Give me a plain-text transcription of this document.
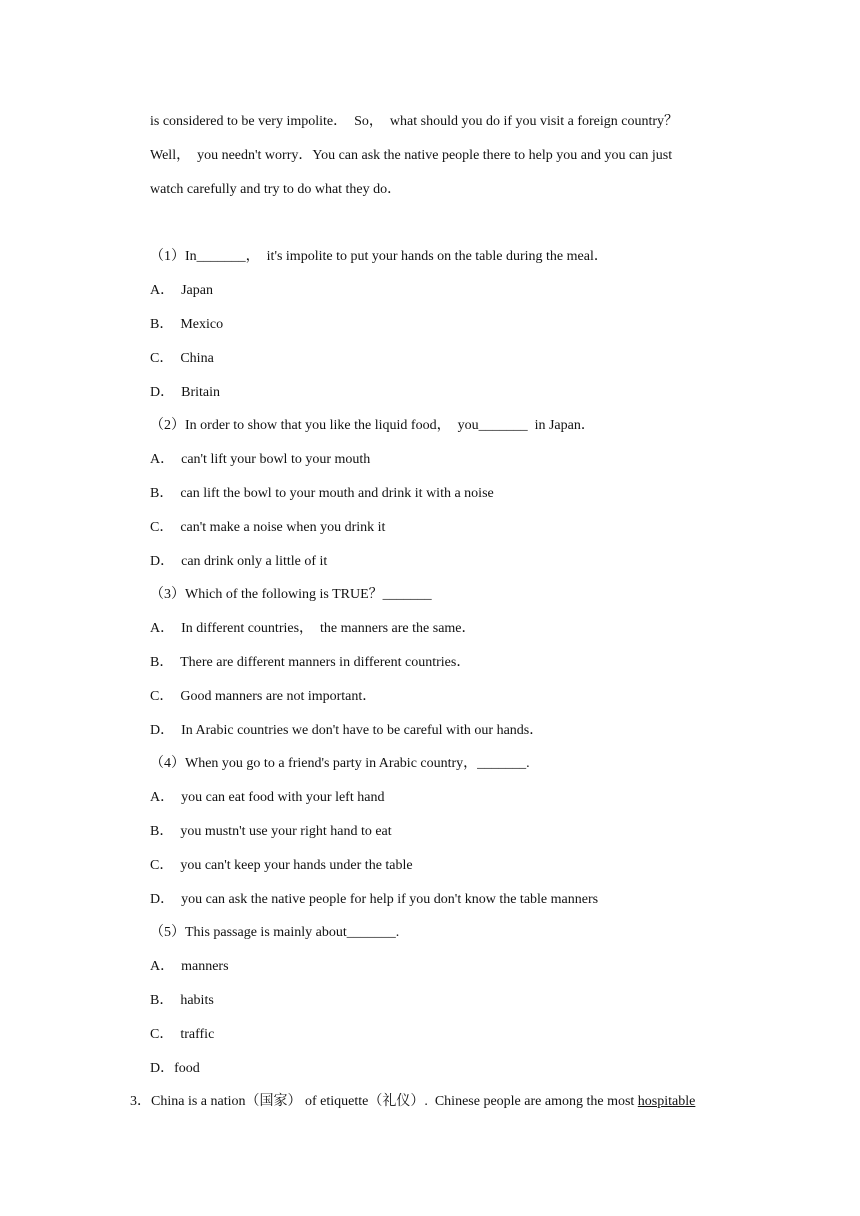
is considered to be very impolite．  So，  what should you do if you visit a foreign country？
Well，  you needn't worry．You can ask the native people there to help you and you can just
watch carefully and try to do what they do．
（1）In_______，  it's impolite to put your hands on the table during the meal．
A．  Japan
B．  Mexico
C．  China
D．  Britain
（2）In order to show that you like the liquid food，  you_______  in Japan．
A．  can't lift your bowl to your mouth
B．  can lift the bowl to your mouth and drink it with a noise
C．  can't make a noise when you drink it
D．  can drink only a little of it
（3）Which of the following is TRUE？_______
A．  In different countries，  the manners are the same．
B．  There are different manners in different countries．
C．  Good manners are not important．
D．  In Arabic countries we don't have to be careful with our hands．
（4）When you go to a friend's party in Arabic country，_______.
A．  you can eat food with your left hand
B．  you mustn't use your right hand to eat
C．  you can't keep your hands under the table
D．  you can ask the native people for help if you don't know the table manners
（5）This passage is mainly about_______.
A．  manners
B．  habits
C．  traffic
D．food
3．China is a nation（国家） of etiquette（礼仪）.  Chinese people are among the most hospitable
